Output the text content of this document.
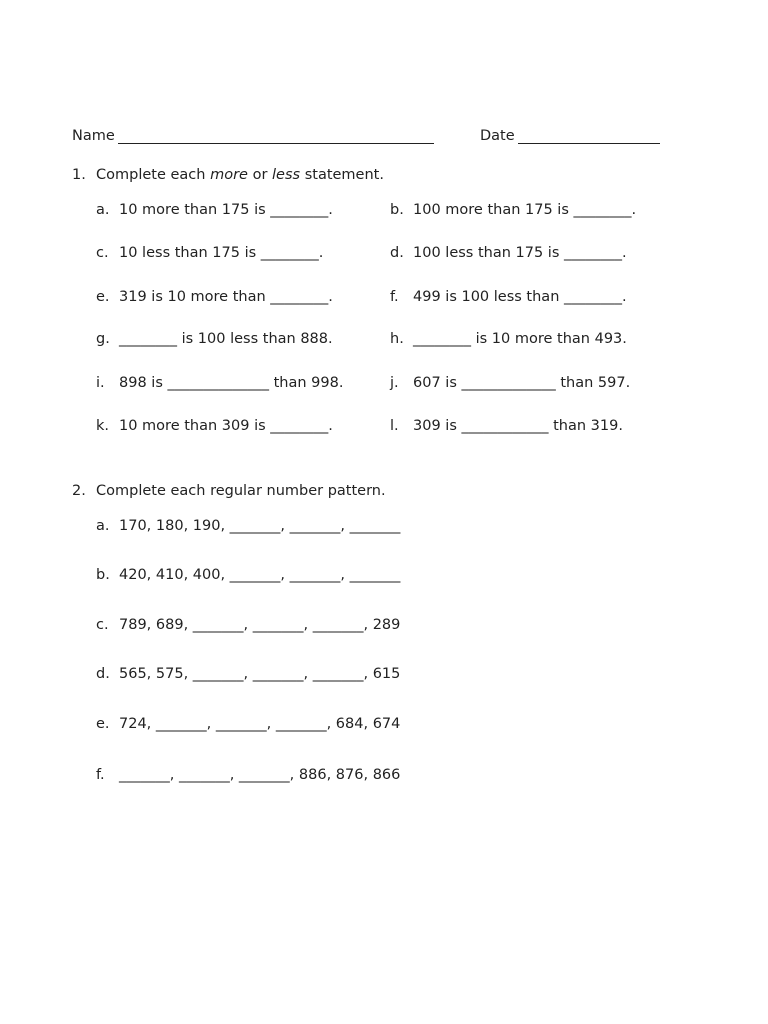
Name	Date
1. Complete each more or less statement.
a. 10 more than 175 is ________.	b. 100 more than 175 is ________.
c. 10 less than 175 is ________.	d. 100 less than 175 is ________.
e. 319 is 10 more than ________.	f. 499 is 100 less than ________.
g. ________ is 100 less than 888.	h. ________ is 10 more than 493.
i. 898 is ______________ than 998.	j. 607 is _____________ than 597.
k. 10 more than 309 is ________.	l. 309 is ____________ than 319.
2. Complete each regular number pattern.
a. 170, 180, 190, _______, _______, _______
b. 420, 410, 400, _______, _______, _______
c. 789, 689, _______, _______, _______, 289
d. 565, 575, _______, _______, _______, 615
e. 724, _______, _______, _______, 684, 674
f. _______, _______, _______, 886, 876, 866
